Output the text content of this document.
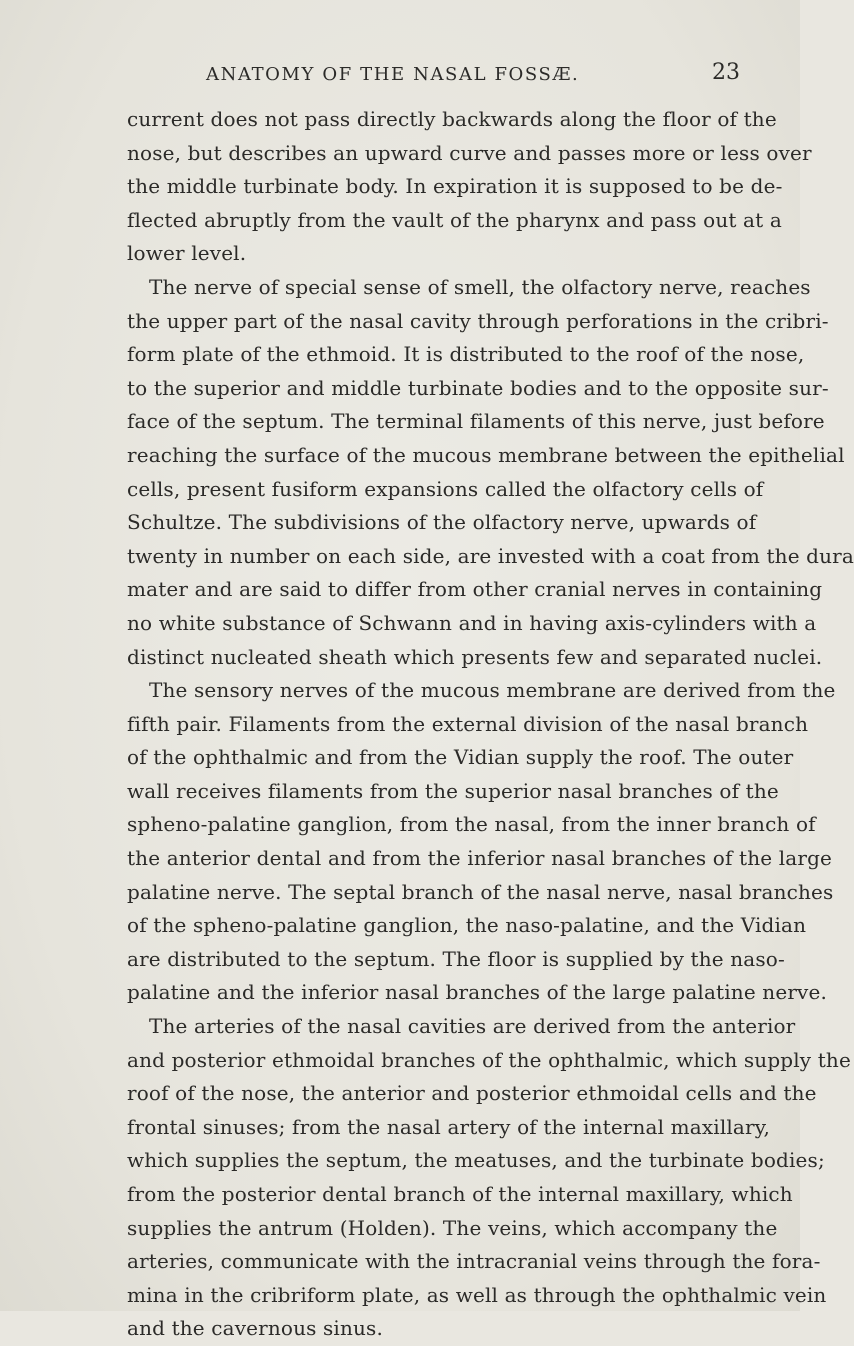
ANATOMY OF THE NASAL FOSSÆ.	23
current does not pass directly backwards along the floor of the
nose, but describes an upward curve and passes more or less over
the middle turbinate body. In expiration it is supposed to be de-
flected abruptly from the vault of the pharynx and pass out at a
lower level.
The nerve of special sense of smell, the olfactory nerve, reaches
the upper part of the nasal cavity through perforations in the cribri-
form plate of the ethmoid. It is distributed to the roof of the nose,
to the superior and middle turbinate bodies and to the opposite sur-
face of the septum. The terminal filaments of this nerve, just before
reaching the surface of the mucous membrane between the epithelial
cells, present fusiform expansions called the olfactory cells of
Schultze. The subdivisions of the olfactory nerve, upwards of
twenty in number on each side, are invested with a coat from the dura
mater and are said to differ from other cranial nerves in containing
no white substance of Schwann and in having axis-cylinders with a
distinct nucleated sheath which presents few and separated nuclei.
The sensory nerves of the mucous membrane are derived from the
fifth pair. Filaments from the external division of the nasal branch
of the ophthalmic and from the Vidian supply the roof. The outer
wall receives filaments from the superior nasal branches of the
spheno-palatine ganglion, from the nasal, from the inner branch of
the anterior dental and from the inferior nasal branches of the large
palatine nerve. The septal branch of the nasal nerve, nasal branches
of the spheno-palatine ganglion, the naso-palatine, and the Vidian
are distributed to the septum. The floor is supplied by the naso-
palatine and the inferior nasal branches of the large palatine nerve.
The arteries of the nasal cavities are derived from the anterior
and posterior ethmoidal branches of the ophthalmic, which supply the
roof of the nose, the anterior and posterior ethmoidal cells and the
frontal sinuses; from the nasal artery of the internal maxillary,
which supplies the septum, the meatuses, and the turbinate bodies;
from the posterior dental branch of the internal maxillary, which
supplies the antrum (Holden). The veins, which accompany the
arteries, communicate with the intracranial veins through the fora-
mina in the cribriform plate, as well as through the ophthalmic vein
and the cavernous sinus.
